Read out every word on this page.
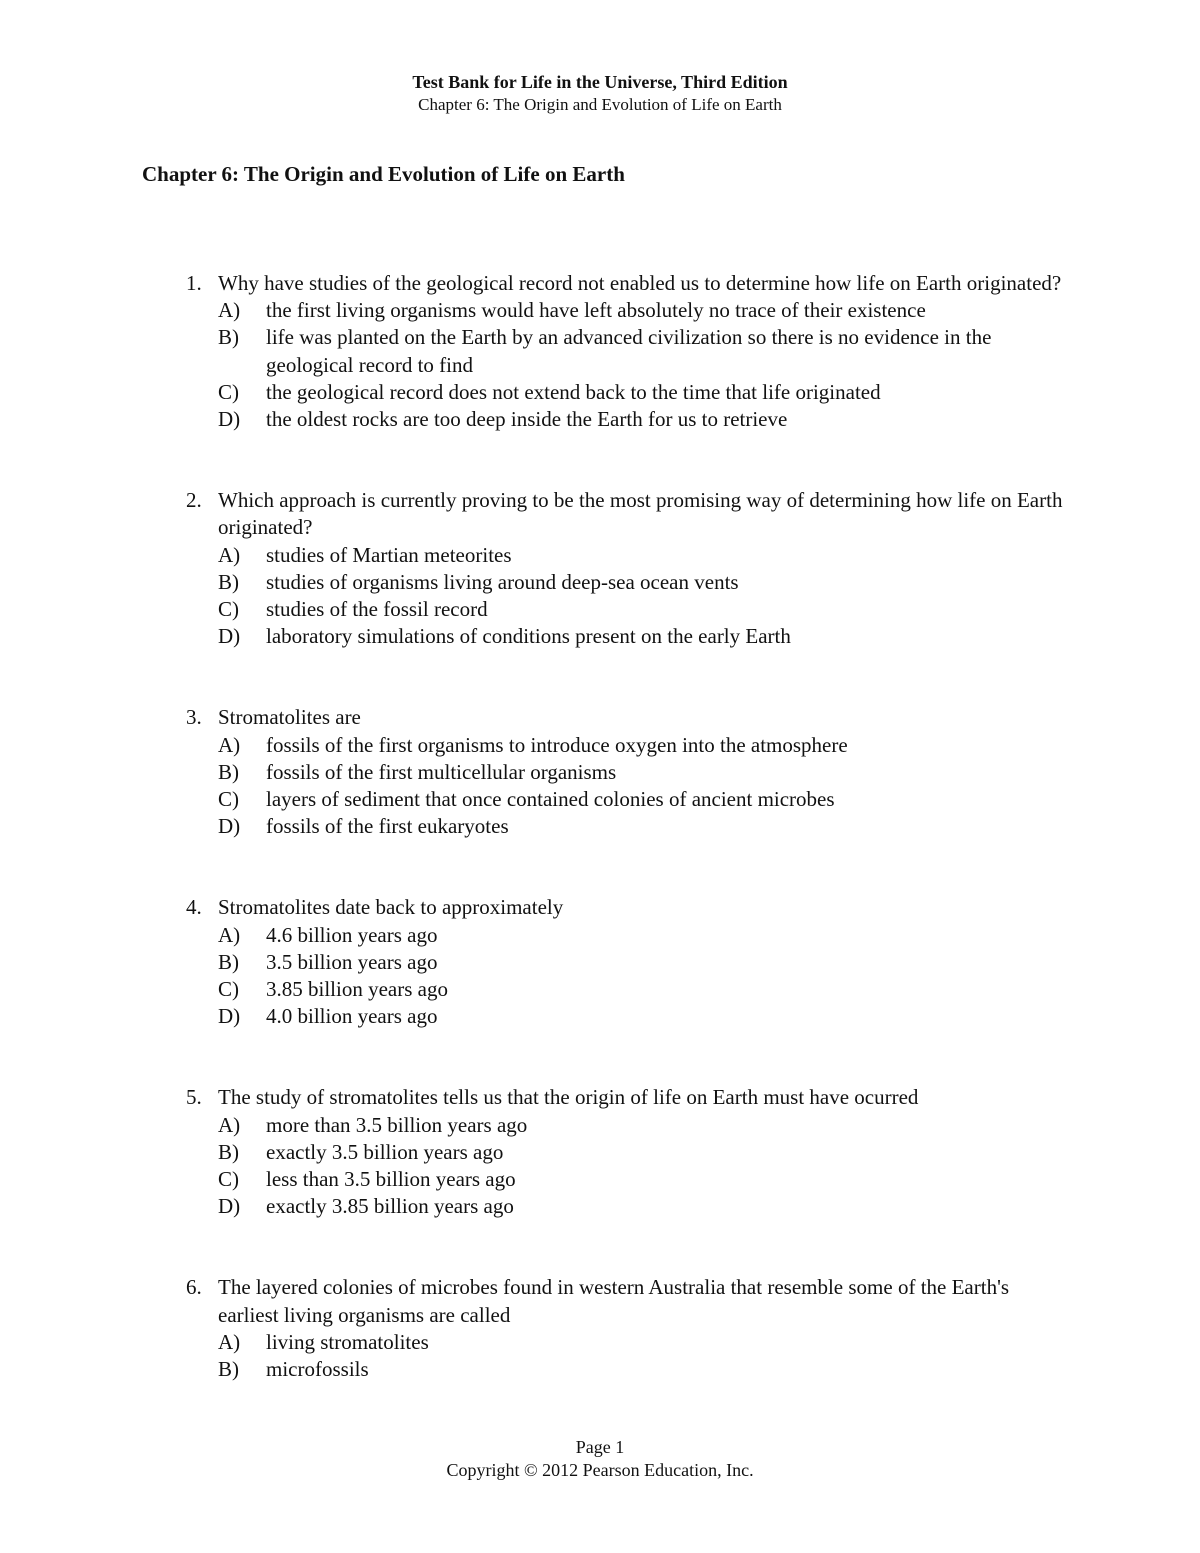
Test Bank for Life in the Universe, Third Edition
Chapter 6: The Origin and Evolution of Life on Earth
Chapter 6: The Origin and Evolution of Life on Earth
1. Why have studies of the geological record not enabled us to determine how life on Earth originated?
A) the first living organisms would have left absolutely no trace of their existence
B) life was planted on the Earth by an advanced civilization so there is no evidence in the geological record to find
C) the geological record does not extend back to the time that life originated
D) the oldest rocks are too deep inside the Earth for us to retrieve
2. Which approach is currently proving to be the most promising way of determining how life on Earth originated?
A) studies of Martian meteorites
B) studies of organisms living around deep-sea ocean vents
C) studies of the fossil record
D) laboratory simulations of conditions present on the early Earth
3. Stromatolites are
A) fossils of the first organisms to introduce oxygen into the atmosphere
B) fossils of the first multicellular organisms
C) layers of sediment that once contained colonies of ancient microbes
D) fossils of the first eukaryotes
4. Stromatolites date back to approximately
A) 4.6 billion years ago
B) 3.5 billion years ago
C) 3.85 billion years ago
D) 4.0 billion years ago
5. The study of stromatolites tells us that the origin of life on Earth must have ocurred
A) more than 3.5 billion years ago
B) exactly 3.5 billion years ago
C) less than 3.5 billion years ago
D) exactly 3.85 billion years ago
6. The layered colonies of microbes found in western Australia that resemble some of the Earth's earliest living organisms are called
A) living stromatolites
B) microfossils
Page 1
Copyright © 2012 Pearson Education, Inc.
